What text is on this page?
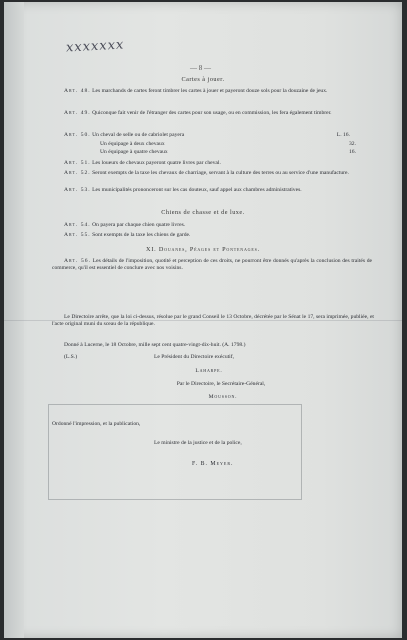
xxxxxxx
— 8 —
Cartes à jouer.
Art. 48. Les marchands de cartes feront timbrer les cartes à jouer et payeront douze sols pour la douzaine de jeux.
Art. 49. Quiconque fait venir de l'étranger des cartes pour son usage, ou en commission, les fera également timbrer.
Art. 50. Un cheval de selle ou de cabriolet payera	L. 16.
Un équipage à deux chevaux	32.
Un équipage à quatre chevaux	16.
Art. 51. Les loueurs de chevaux payeront quatre livres par cheval.
Art. 52. Seront exempts de la taxe les chevaux de charriage, servant à la culture des terres ou au service d'une manufacture.
Art. 53. Les municipalités prononceront sur les cas douteux, sauf appel aux chambres administratives.
Chiens de chasse et de luxe.
Art. 54. On payera par chaque chien quatre livres.
Art. 55. Sont exempts de la taxe les chiens de garde.
XI. Douanes, Péages et Pontenages.
Art. 56. Les détails de l'imposition, quotité et perception de ces droits, ne pourront être donnés qu'après la conclusion des traités de commerce, qu'il est essentiel de conclure avec nos voisins.
Le Directoire arrête, que la loi ci-dessus, résolue par le grand Conseil le 13 Octobre, décrétée par le Sénat le 17, sera imprimée, publiée, et l'acte original muni du sceau de la république.
Donné à Lucerne, le 18 Octobre, mille sept cent quatre-vingt-dix-huit. (A. 1798.)
(L.S.)	Le Président du Directoire exécutif,
Laharpe.
Par le Directoire, le Secrétaire-Général,
Mousson.
Ordonné l'impression, et la publication,
Le ministre de la justice et de la police,
F. B. Meyer.
